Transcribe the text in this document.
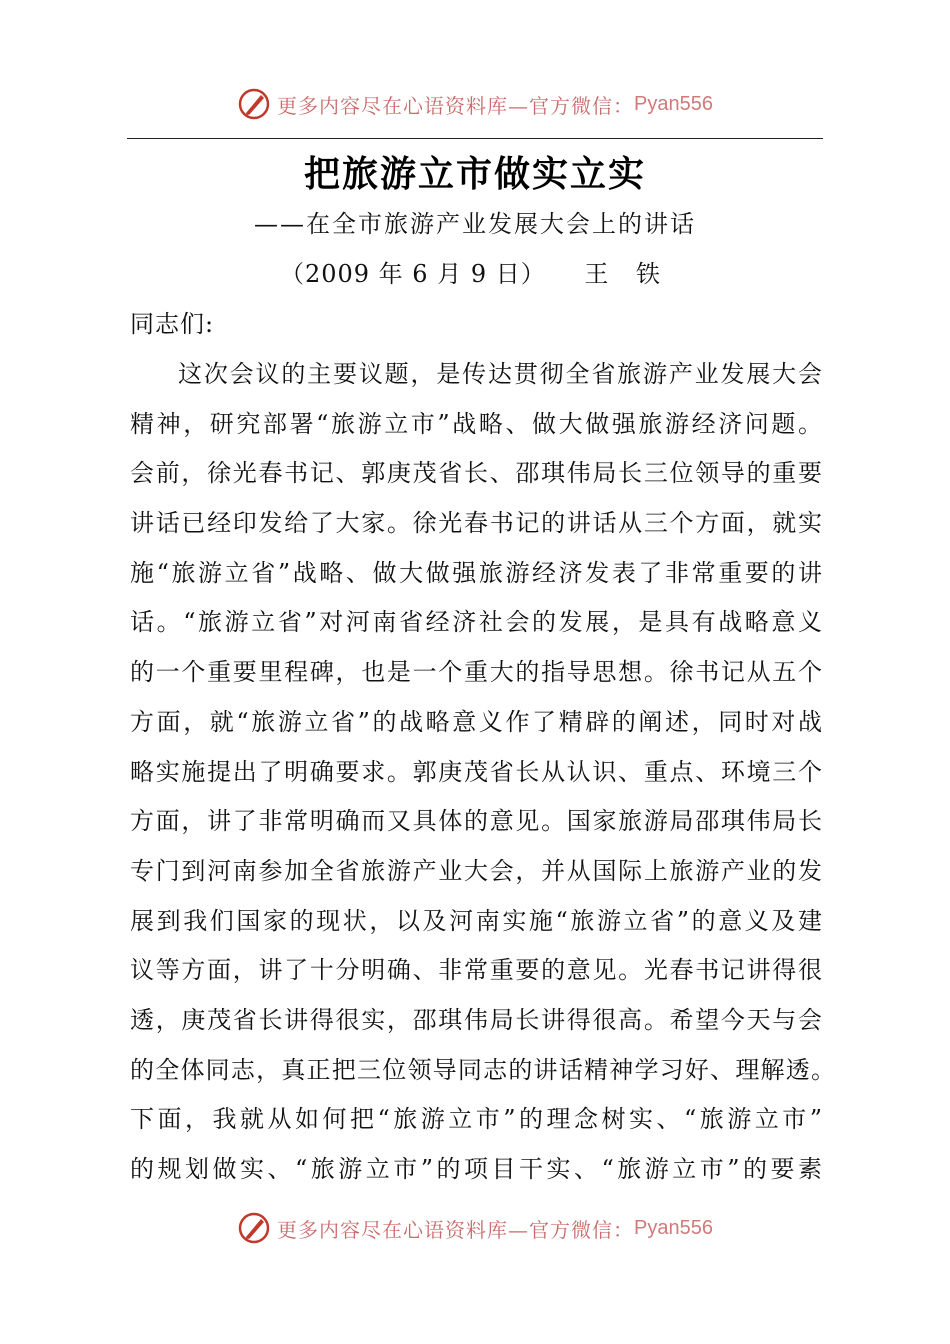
更多内容尽在心语资料库—官方微信： Pyan556
把旅游立市做实立实
——在全市旅游产业发展大会上的讲话
（2009 年 6 月 9 日） 王 铁
同志们:
这次会议的主要议题，是传达贯彻全省旅游产业发展大会
精神，研究部署“旅游立市”战略、做大做强旅游经济问题。
会前，徐光春书记、郭庚茂省长、邵琪伟局长三位领导的重要
讲话已经印发给了大家。徐光春书记的讲话从三个方面，就实
施“旅游立省”战略、做大做强旅游经济发表了非常重要的讲
话。“旅游立省”对河南省经济社会的发展，是具有战略意义
的一个重要里程碑，也是一个重大的指导思想。徐书记从五个
方面，就“旅游立省”的战略意义作了精辟的阐述，同时对战
略实施提出了明确要求。郭庚茂省长从认识、重点、环境三个
方面，讲了非常明确而又具体的意见。国家旅游局邵琪伟局长
专门到河南参加全省旅游产业大会，并从国际上旅游产业的发
展到我们国家的现状，以及河南实施“旅游立省”的意义及建
议等方面，讲了十分明确、非常重要的意见。光春书记讲得很
透，庚茂省长讲得很实，邵琪伟局长讲得很高。希望今天与会
的全体同志，真正把三位领导同志的讲话精神学习好、理解透。
下面，我就从如何把“旅游立市”的理念树实、“旅游立市”
的规划做实、“旅游立市”的项目干实、“旅游立市”的要素
更多内容尽在心语资料库—官方微信： Pyan556
